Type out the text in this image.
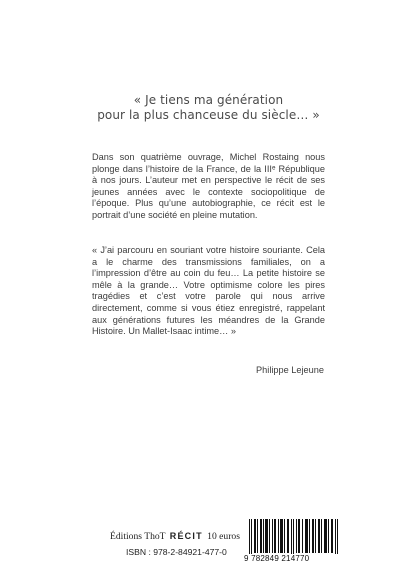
« Je tiens ma génération
pour la plus chanceuse du siècle… »
Dans son quatrième ouvrage, Michel Rostaing nous plonge dans l’histoire de la France, de la IIIᵉ République à nos jours. L’auteur met en perspective le récit de ses jeunes années avec le contexte sociopolitique de l’époque. Plus qu’une autobiographie, ce récit est le portrait d’une société en pleine mutation.
« J’ai parcouru en souriant votre histoire souriante. Cela a le charme des transmissions familiales, on a l’impression d’être au coin du feu… La petite histoire se mêle à la grande… Votre optimisme colore les pires tragédies et c’est votre parole qui nous arrive directement, comme si vous étiez enregistré, rappelant aux générations futures les méandres de la Grande Histoire. Un Mallet-Isaac intime… »
Philippe Lejeune
Éditions ThoT RÉCIT 10 euros
ISBN : 978-2-84921-477-0
9 782849 214770
